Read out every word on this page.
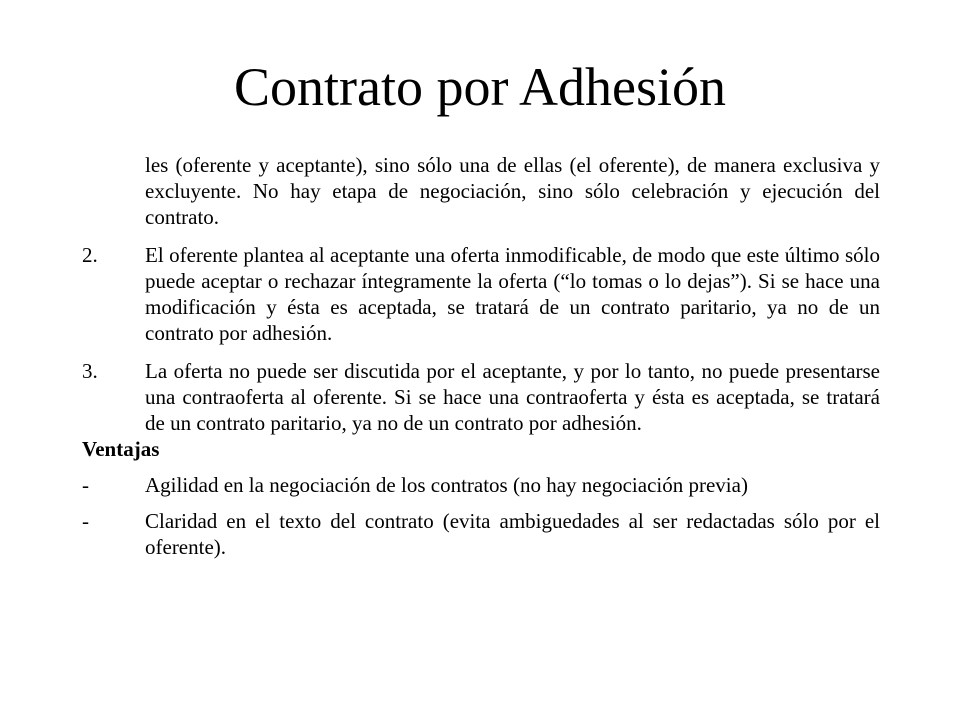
Contrato por Adhesión

les (oferente y aceptante), sino sólo una de ellas (el oferente), de manera exclusiva y excluyente. No hay etapa de negociación, sino sólo celebración y ejecución del contrato.

2.	El oferente plantea al aceptante una oferta inmodificable, de modo que este último sólo puede aceptar o rechazar íntegramente la oferta (“lo tomas o lo dejas”). Si se hace una modificación y ésta es aceptada, se tratará de un contrato paritario, ya no de un contrato por adhesión.

3.	La oferta no puede ser discutida por el aceptante, y por lo tanto, no puede presentarse una contraoferta al oferente. Si se hace una contraoferta y ésta es aceptada, se tratará de un contrato paritario, ya no de un contrato por adhesión.

Ventajas

-	Agilidad en la negociación de los contratos (no hay negociación previa)

-	Claridad en el texto del contrato (evita ambiguedades al ser redactadas sólo por el oferente).
